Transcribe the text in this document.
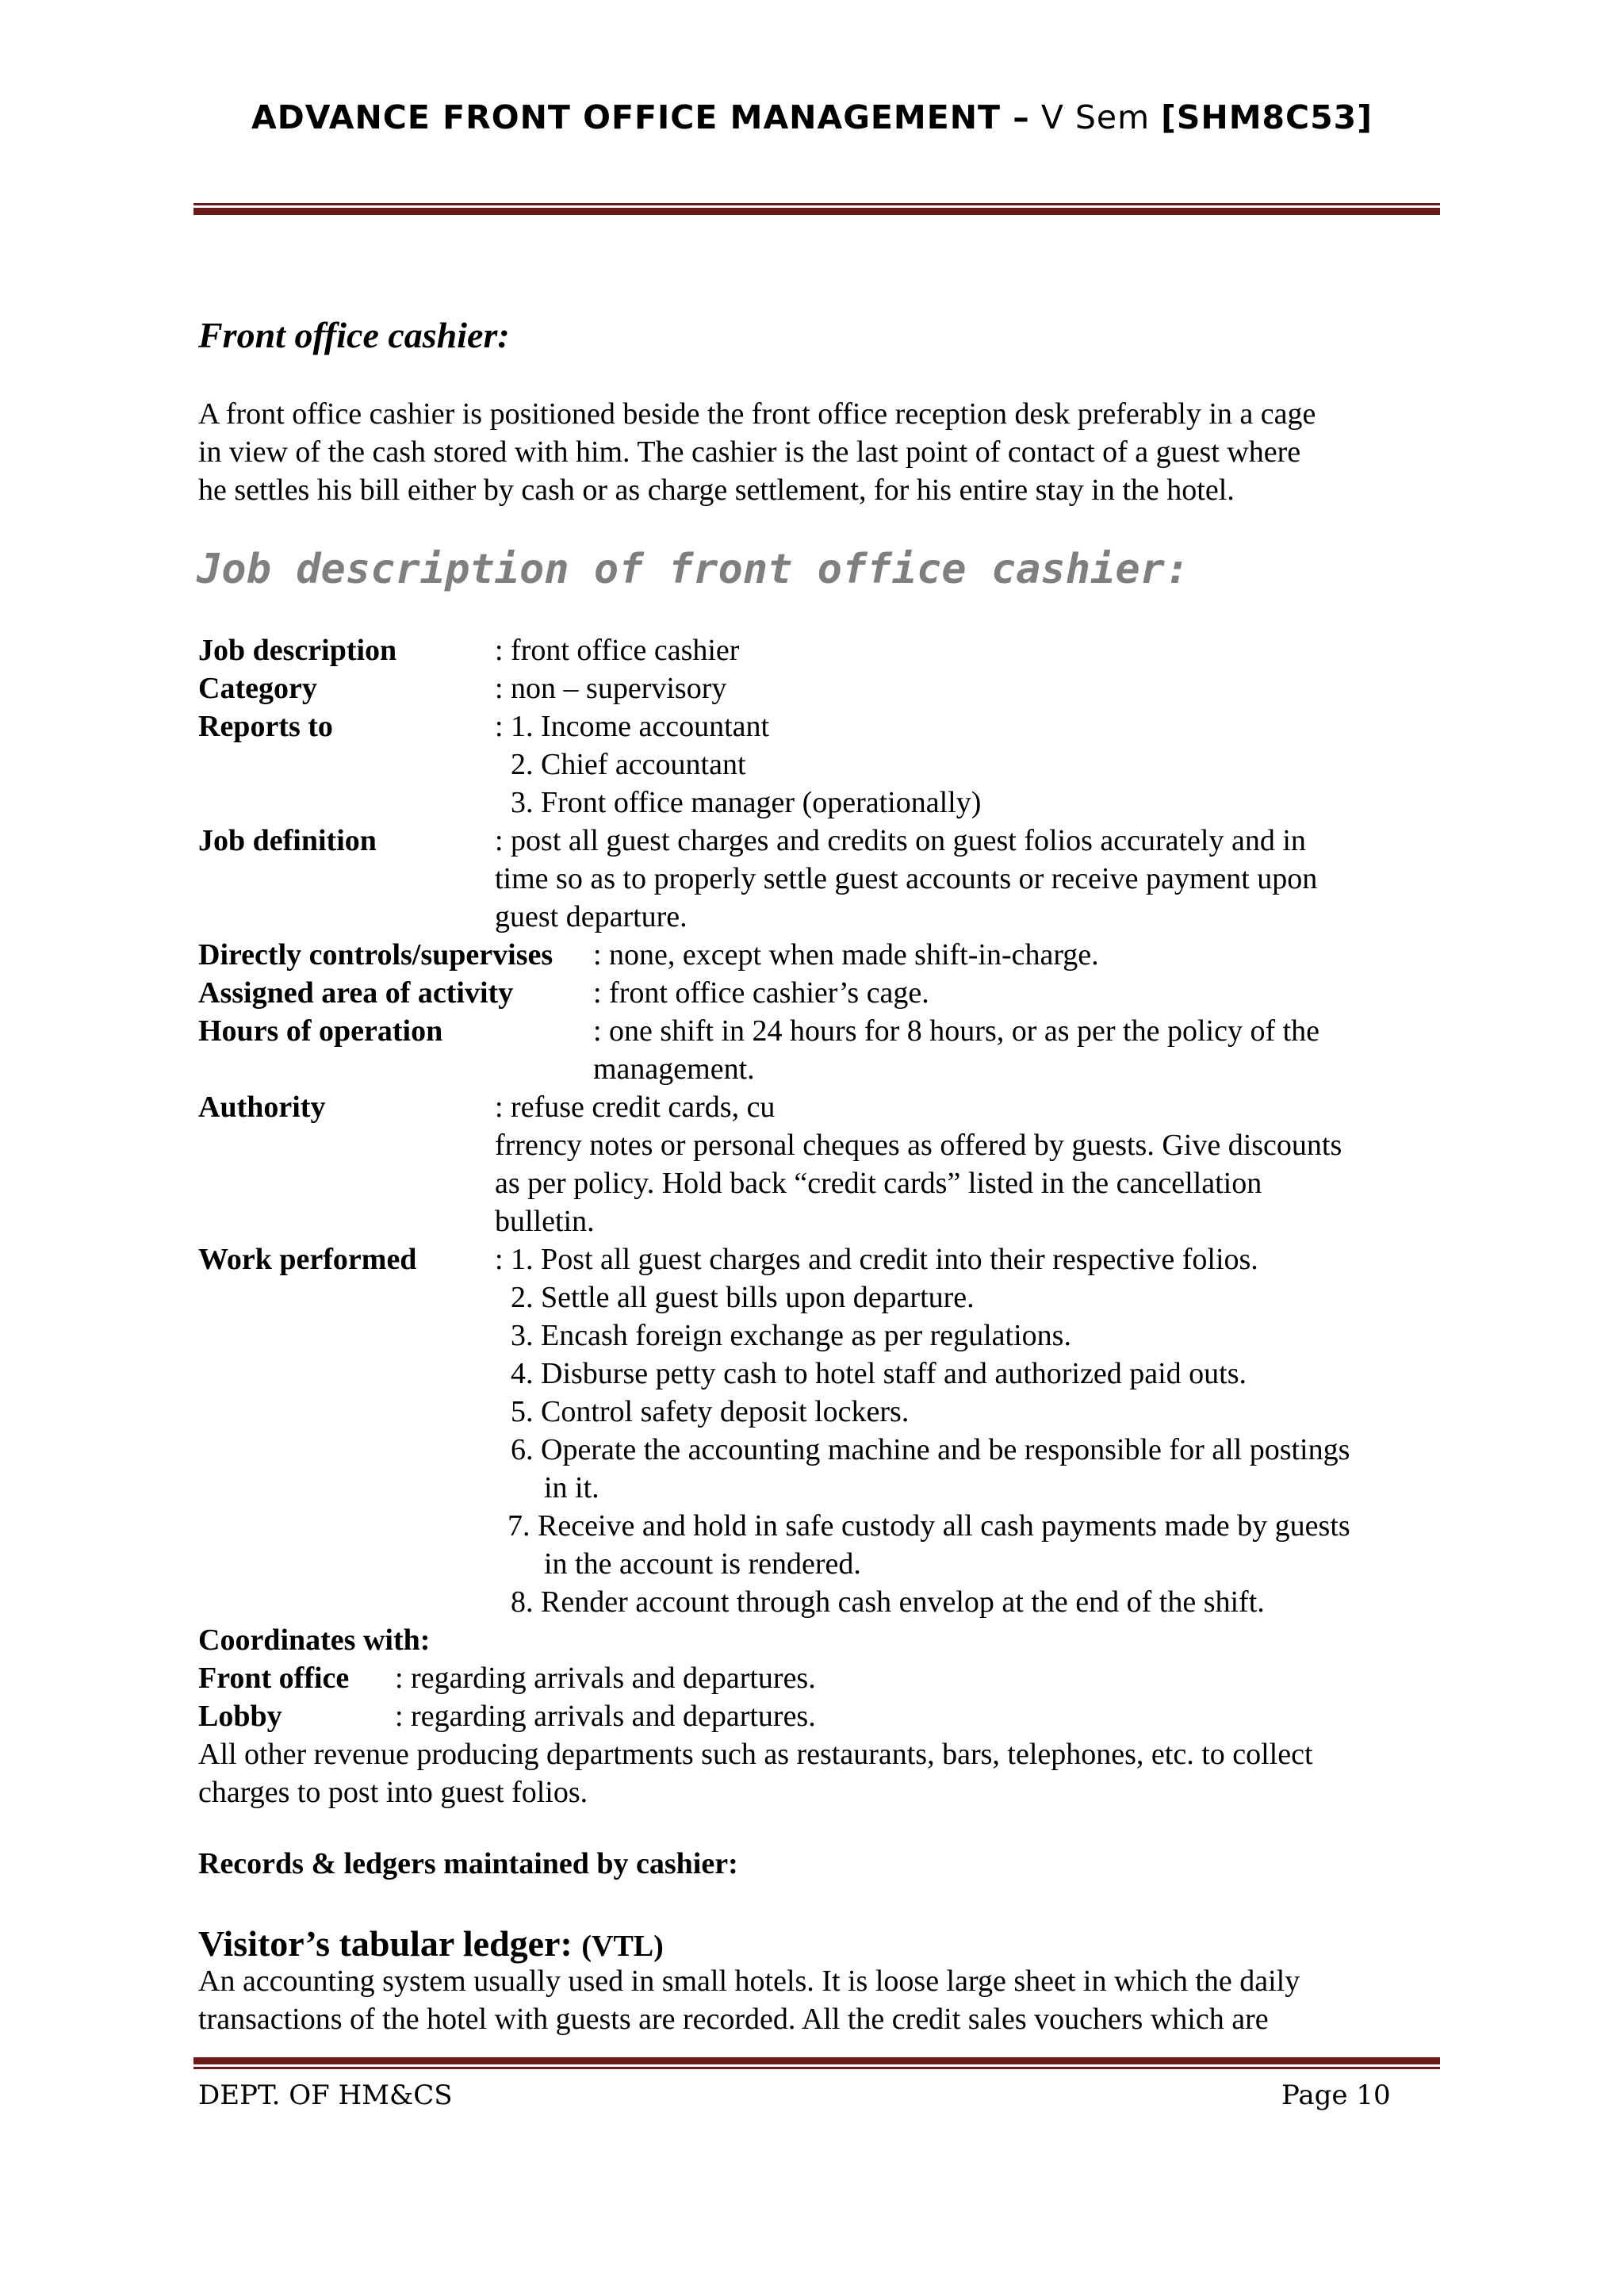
ADVANCE FRONT OFFICE MANAGEMENT – V Sem [SHM8C53]
Front office cashier:
A front office cashier is positioned beside the front office reception desk preferably in a cage
in view of the cash stored with him. The cashier is the last point of contact of a guest where
he settles his bill either by cash or as charge settlement, for his entire stay in the hotel.
Job description of front office cashier:
Job description	: front office cashier
Category	: non – supervisory
Reports to	: 1. Income accountant
2. Chief accountant
3. Front office manager (operationally)
Job definition	: post all guest charges and credits on guest folios accurately and in
time so as to properly settle guest accounts or receive payment upon
guest departure.
Directly controls/supervises : none, except when made shift-in-charge.
Assigned area of activity	: front office cashier’s cage.
Hours of operation	: one shift in 24 hours for 8 hours, or as per the policy of the
management.
Authority	: refuse credit cards, cu
frrency notes or personal cheques as offered by guests. Give discounts
as per policy. Hold back “credit cards” listed in the cancellation
bulletin.
Work performed	: 1. Post all guest charges and credit into their respective folios.
2. Settle all guest bills upon departure.
3. Encash foreign exchange as per regulations.
4. Disburse petty cash to hotel staff and authorized paid outs.
5. Control safety deposit lockers.
6. Operate the accounting machine and be responsible for all postings
in it.
7. Receive and hold in safe custody all cash payments made by guests
in the account is rendered.
8. Render account through cash envelop at the end of the shift.
Coordinates with:
Front office : regarding arrivals and departures.
Lobby	: regarding arrivals and departures.
All other revenue producing departments such as restaurants, bars, telephones, etc. to collect
charges to post into guest folios.
Records & ledgers maintained by cashier:
Visitor’s tabular ledger: (VTL)
An accounting system usually used in small hotels. It is loose large sheet in which the daily
transactions of the hotel with guests are recorded. All the credit sales vouchers which are
DEPT. OF HM&CS	Page 10
